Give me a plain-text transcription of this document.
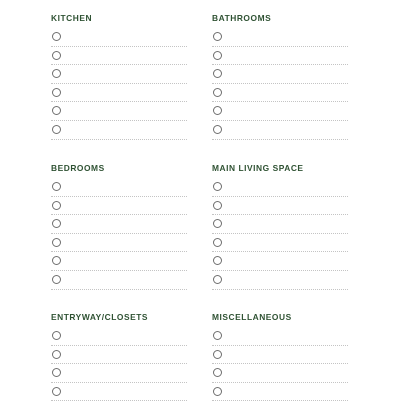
KITCHEN	BATHROOMS
BEDROOMS	MAIN LIVING SPACE
ENTRYWAY/CLOSETS	MISCELLANEOUS
